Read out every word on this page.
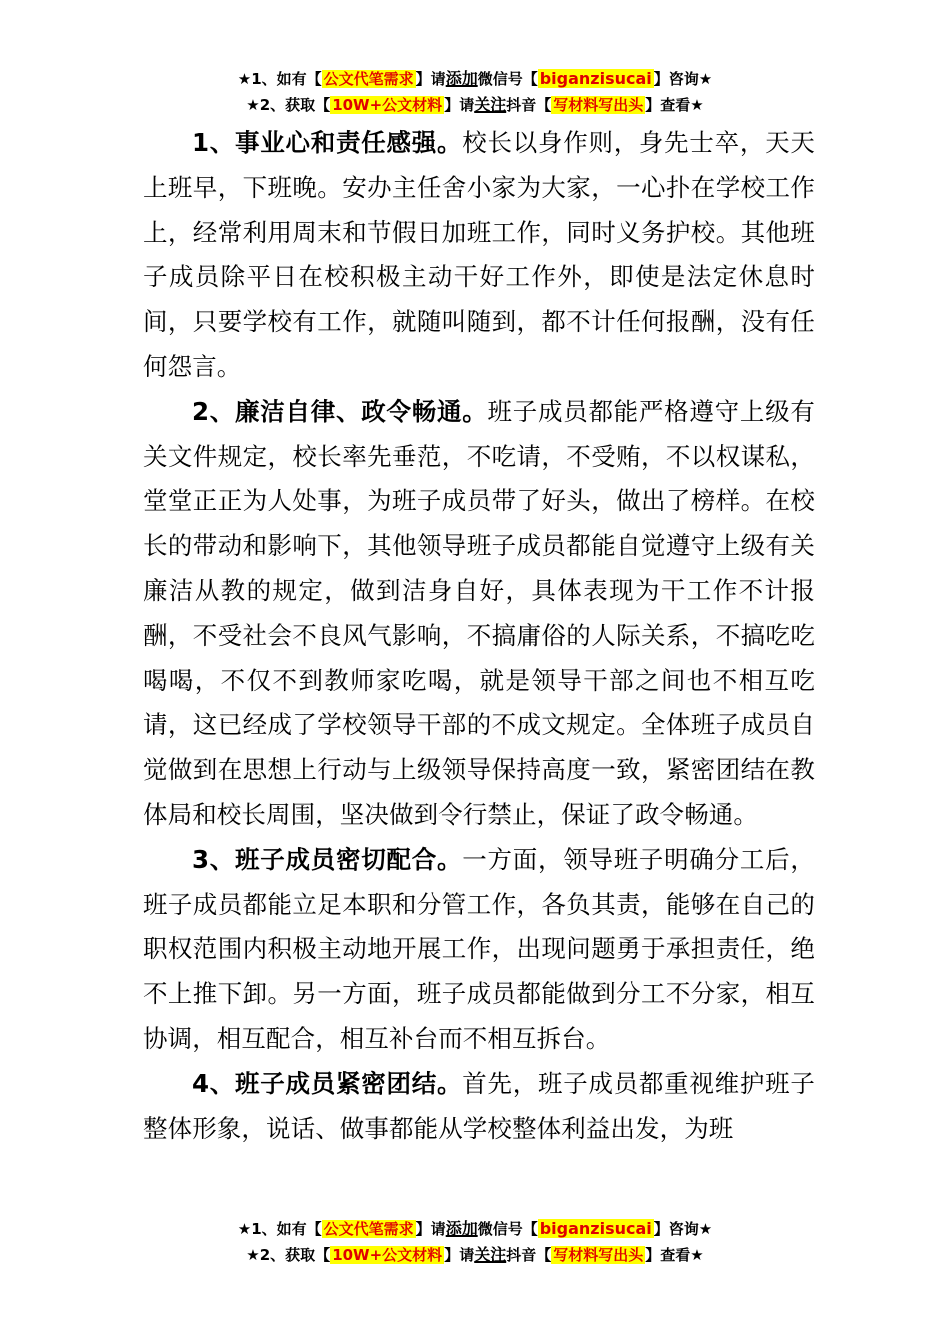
★1、如有【 公文代笔需求 】请添加微信号【 biganzisucai 】咨询★
★2、获取【 10W+公文材料 】请关注抖音【 写材料写出头 】查看★

1、事业心和责任感强。校长以身作则，身先士卒，天天上班早，下班晚。安办主任舍小家为大家，一心扑在学校工作上，经常利用周末和节假日加班工作，同时义务护校。其他班子成员除平日在校积极主动干好工作外，即使是法定休息时间，只要学校有工作，就随叫随到，都不计任何报酬，没有任何怨言。

2、廉洁自律、政令畅通。班子成员都能严格遵守上级有关文件规定，校长率先垂范，不吃请，不受贿，不以权谋私，堂堂正正为人处事，为班子成员带了好头，做出了榜样。在校长的带动和影响下，其他领导班子成员都能自觉遵守上级有关廉洁从教的规定，做到洁身自好，具体表现为干工作不计报酬，不受社会不良风气影响，不搞庸俗的人际关系，不搞吃吃喝喝，不仅不到教师家吃喝，就是领导干部之间也不相互吃请，这已经成了学校领导干部的不成文规定。全体班子成员自觉做到在思想上行动与上级领导保持高度一致，紧密团结在教体局和校长周围，坚决做到令行禁止，保证了政令畅通。

3、班子成员密切配合。一方面，领导班子明确分工后，班子成员都能立足本职和分管工作，各负其责，能够在自己的职权范围内积极主动地开展工作，出现问题勇于承担责任，绝不上推下卸。另一方面，班子成员都能做到分工不分家，相互协调，相互配合，相互补台而不相互拆台。

4、班子成员紧密团结。首先，班子成员都重视维护班子整体形象，说话、做事都能从学校整体利益出发，为班

★1、如有【 公文代笔需求 】请添加微信号【 biganzisucai 】咨询★
★2、获取【 10W+公文材料 】请关注抖音【 写材料写出头 】查看★
